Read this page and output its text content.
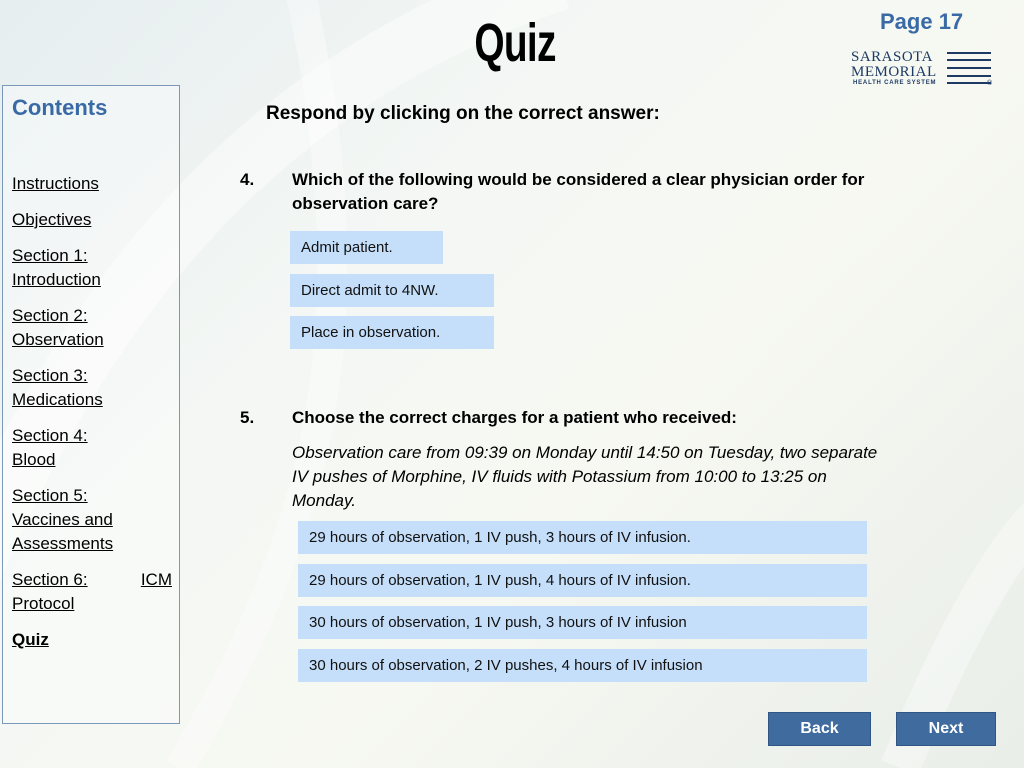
Quiz	Page 17
SARASOTA
MEMORIAL
HEALTH CARE SYSTEM	®
Contents
Instructions
Objectives
Section 1: Introduction
Section 2: Observation
Section 3: Medications
Section 4: Blood
Section 5: Vaccines and Assessments
Section 6:	ICM
Protocol
Quiz
Respond by clicking on the correct answer:
4. Which of the following would be considered a clear physician order for observation care?
Admit patient.
Direct admit to 4NW.
Place in observation.
5. Choose the correct charges for a patient who received:
Observation care from 09:39 on Monday until 14:50 on Tuesday, two separate IV pushes of Morphine, IV fluids with Potassium from 10:00 to 13:25 on Monday.
29 hours of observation, 1 IV push, 3 hours of IV infusion.
29 hours of observation, 1 IV push, 4 hours of IV infusion.
30 hours of observation, 1 IV push, 3 hours of IV infusion
30 hours of observation, 2 IV pushes, 4 hours of IV infusion
Back	Next
